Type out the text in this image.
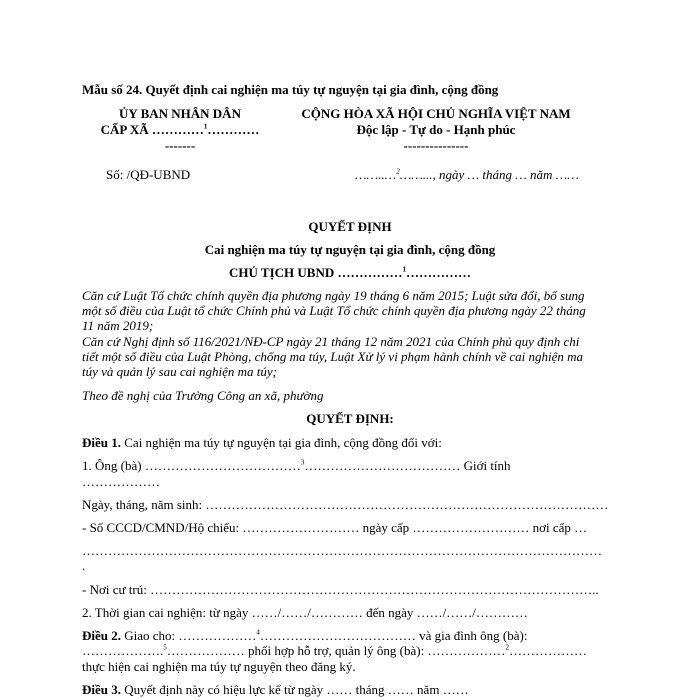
Mẫu số 24. Quyết định cai nghiện ma túy tự nguyện tại gia đình, cộng đồng
ỦY BAN NHÂN DÂN
CẤP XÃ …………$^1$…………
-------
CỘNG HÒA XÃ HỘI CHỦ NGHĨA VIỆT NAM
Độc lập - Tự do - Hạnh phúc
---------------
Số: /QĐ-UBND	……..…$^2$……..., ngày … tháng … năm ……
QUYẾT ĐỊNH
Cai nghiện ma túy tự nguyện tại gia đình, cộng đồng
CHỦ TỊCH UBND ……………$^1$……………
Căn cứ Luật Tổ chức chính quyền địa phương ngày 19 tháng 6 năm 2015; Luật sửa đổi, bổ sung
một số điều của Luật tổ chức Chính phủ và Luật Tổ chức chính quyền địa phương ngày 22 tháng
11 năm 2019;
Căn cứ Nghị định số 116/2021/NĐ-CP ngày 21 tháng 12 năm 2021 của Chính phủ quy định chi
tiết một số điều của Luật Phòng, chống ma túy, Luật Xử lý vi phạm hành chính về cai nghiện ma
túy và quản lý sau cai nghiện ma túy;
Theo đề nghị của Trưởng Công an xã, phường
QUYẾT ĐỊNH:
Điều 1. Cai nghiện ma túy tự nguyện tại gia đình, cộng đồng đối với:
1. Ông (bà) ………………………………$^3$……………………………… Giới tính
………………
Ngày, tháng, năm sinh: …………………………………………………………………………………
- Số CCCD/CMND/Hộ chiếu: ……………………… ngày cấp ……………………… nơi cấp …
…………………………………………………………………………………………………………
.
- Nơi cư trú: …………………………………………………………………………………………..
2. Thời gian cai nghiện: từ ngày ……/……/………… đến ngày ……/……/…………
Điều 2. Giao cho: ………………$^4$……………………………… và gia đình ông (bà):
……………….$^5$……………… phối hợp hỗ trợ, quản lý ông (bà): ………………$^2$………………
thực hiện cai nghiện ma túy tự nguyện theo đăng ký.
Điều 3. Quyết định này có hiệu lực kể từ ngày …… tháng …… năm ……
